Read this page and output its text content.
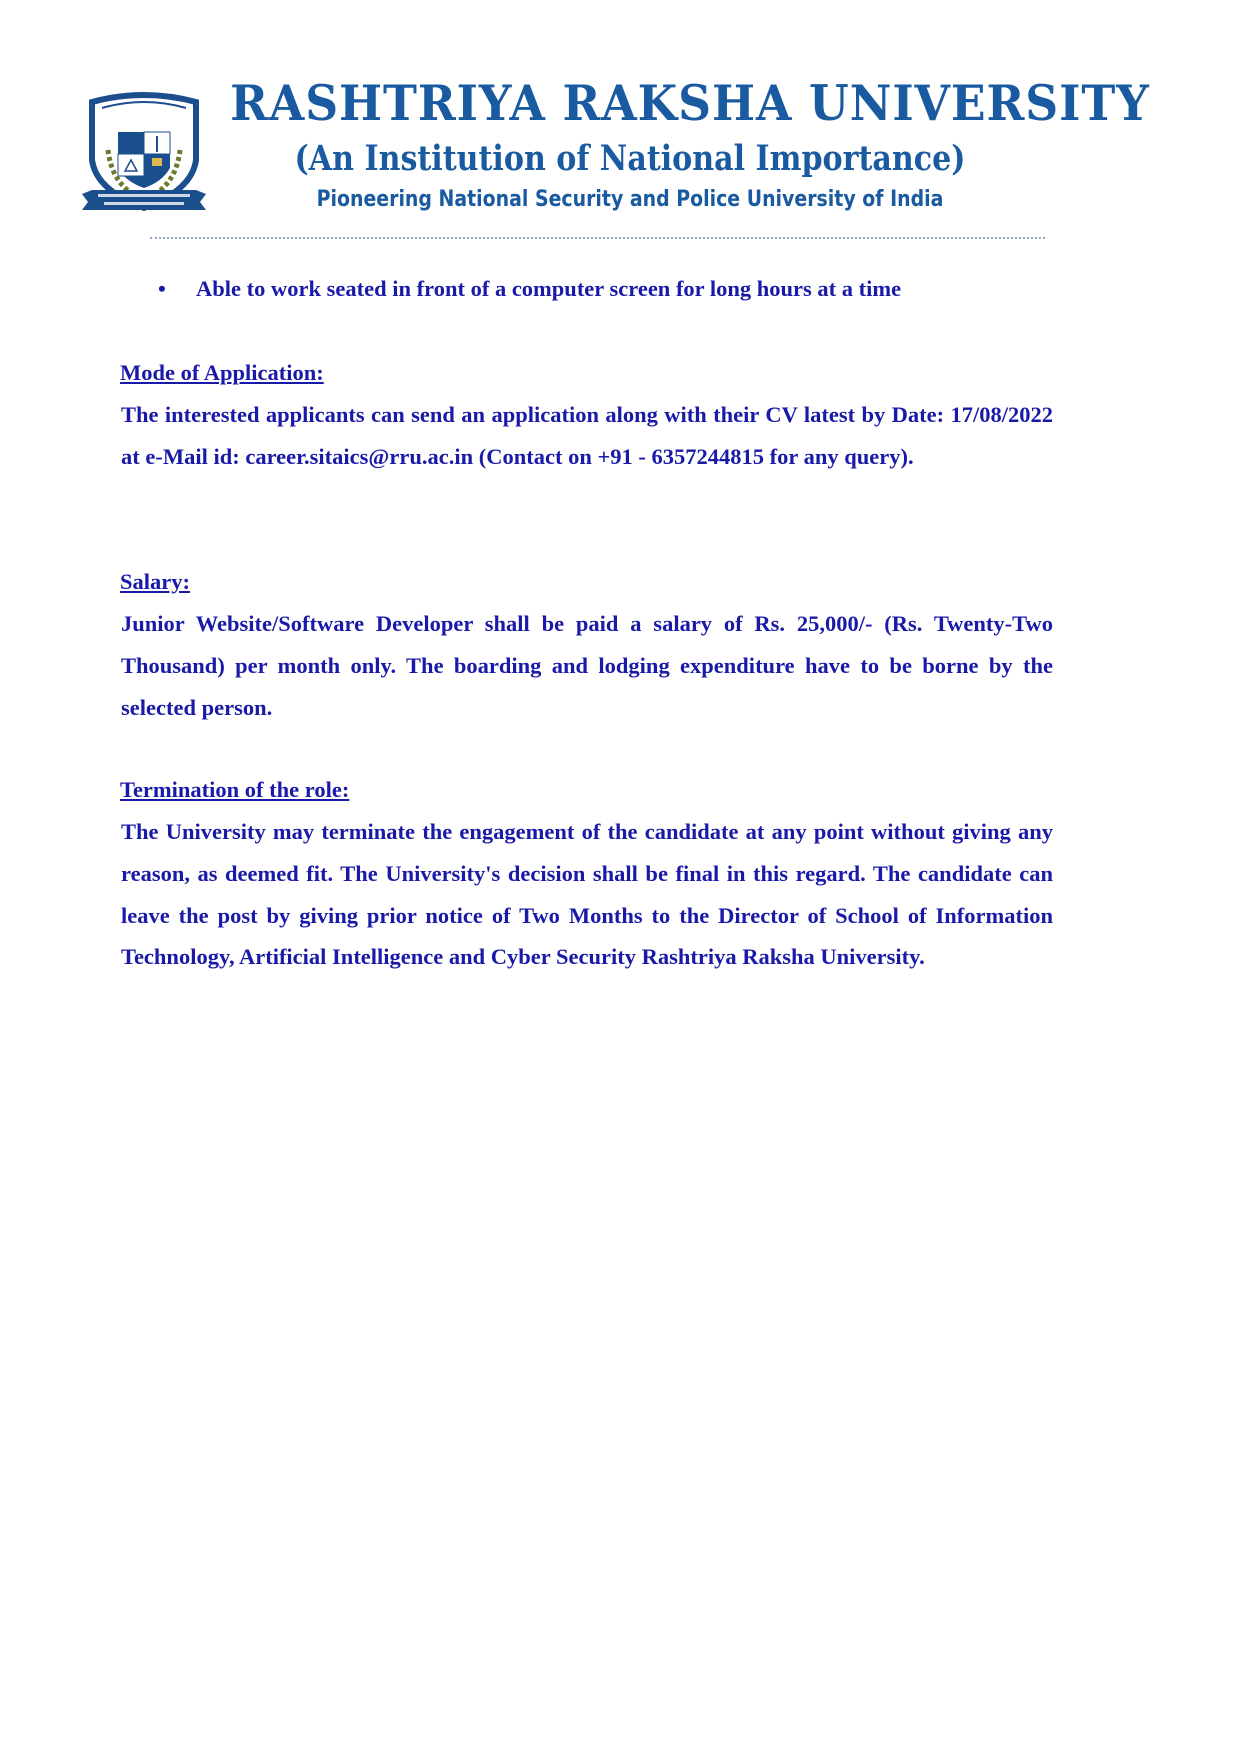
RASHTRIYA RAKSHA UNIVERSITY
(An Institution of National Importance)
Pioneering National Security and Police University of India
• Able to work seated in front of a computer screen for long hours at a time
Mode of Application:
The interested applicants can send an application along with their CV latest by Date: 17/08/2022 at e-Mail id: career.sitaics@rru.ac.in (Contact on +91 - 6357244815 for any query).
Salary:
Junior Website/Software Developer shall be paid a salary of Rs. 25,000/- (Rs. Twenty-Two Thousand) per month only. The boarding and lodging expenditure have to be borne by the selected person.
Termination of the role:
The University may terminate the engagement of the candidate at any point without giving any reason, as deemed fit. The University's decision shall be final in this regard. The candidate can leave the post by giving prior notice of Two Months to the Director of School of Information Technology, Artificial Intelligence and Cyber Security Rashtriya Raksha University.
